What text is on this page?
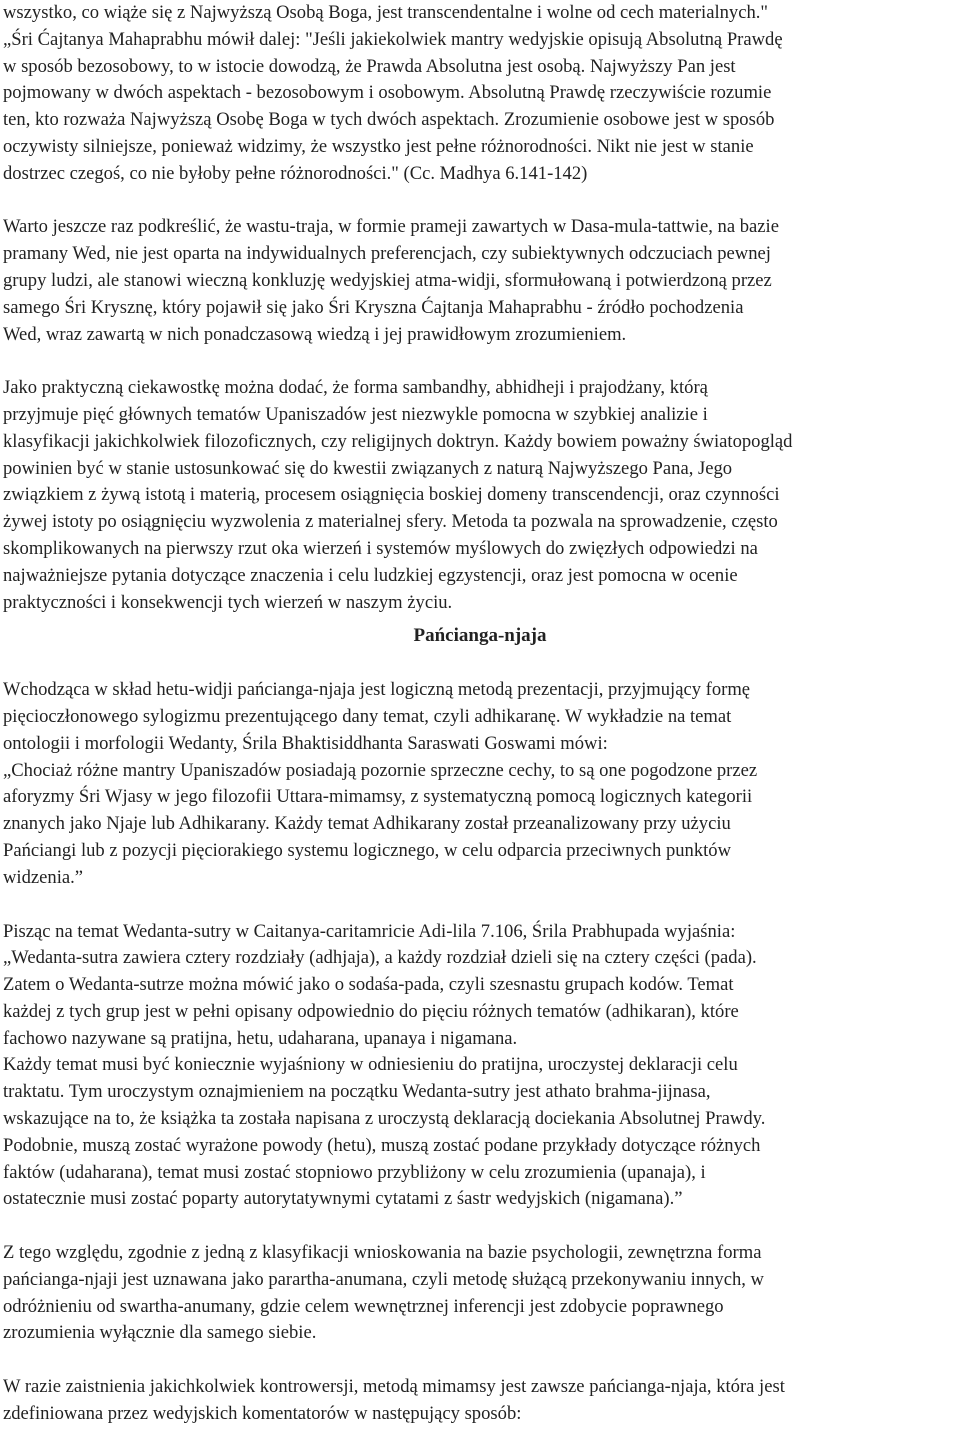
wszystko, co wiąże się z Najwyższą Osobą Boga, jest transcendentalne i wolne od cech materialnych."
„Śri Ćajtanya Mahaprabhu mówił dalej: "Jeśli jakiekolwiek mantry wedyjskie opisują Absolutną Prawdę
w sposób bezosobowy, to w istocie dowodzą, że Prawda Absolutna jest osobą. Najwyższy Pan jest
pojmowany w dwóch aspektach - bezosobowym i osobowym. Absolutną Prawdę rzeczywiście rozumie
ten, kto rozważa Najwyższą Osobę Boga w tych dwóch aspektach. Zrozumienie osobowe jest w sposób
oczywisty silniejsze, ponieważ widzimy, że wszystko jest pełne różnorodności. Nikt nie jest w stanie
dostrzec czegoś, co nie byłoby pełne różnorodności." (Cc. Madhya 6.141-142)

Warto jeszcze raz podkreślić, że wastu-traja, w formie prameji zawartych w Dasa-mula-tattwie, na bazie
pramany Wed, nie jest oparta na indywidualnych preferencjach, czy subiektywnych odczuciach pewnej
grupy ludzi, ale stanowi wieczną konkluzję wedyjskiej atma-widji, sformułowaną i potwierdzoną przez
samego Śri Krysznę, który pojawił się jako Śri Kryszna Ćajtanja Mahaprabhu - źródło pochodzenia
Wed, wraz zawartą w nich ponadczasową wiedzą i jej prawidłowym zrozumieniem.

Jako praktyczną ciekawostkę można dodać, że forma sambandhy, abhidheji i prajodżany, którą
przyjmuje pięć głównych tematów Upaniszadów jest niezwykle pomocna w szybkiej analizie i
klasyfikacji jakichkolwiek filozoficznych, czy religijnych doktryn. Każdy bowiem poważny światopogląd
powinien być w stanie ustosunkować się do kwestii związanych z naturą Najwyższego Pana, Jego
związkiem z żywą istotą i materią, procesem osiągnięcia boskiej domeny transcendencji, oraz czynności
żywej istoty po osiągnięciu wyzwolenia z materialnej sfery. Metoda ta pozwala na sprowadzenie, często
skomplikowanych na pierwszy rzut oka wierzeń i systemów myślowych do zwięzłych odpowiedzi na
najważniejsze pytania dotyczące znaczenia i celu ludzkiej egzystencji, oraz jest pomocna w ocenie
praktyczności i konsekwencji tych wierzeń w naszym życiu.

Pańcianga-njaja

Wchodząca w skład hetu-widji pańcianga-njaja jest logiczną metodą prezentacji, przyjmujący formę
pięcioczłonowego sylogizmu prezentującego dany temat, czyli adhikaranę. W wykładzie na temat
ontologii i morfologii Wedanty, Śrila Bhaktisiddhanta Saraswati Goswami mówi:
„Chociaż różne mantry Upaniszadów posiadają pozornie sprzeczne cechy, to są one pogodzone przez
aforyzmy Śri Wjasy w jego filozofii Uttara-mimamsy, z systematyczną pomocą logicznych kategorii
znanych jako Njaje lub Adhikarany. Każdy temat Adhikarany został przeanalizowany przy użyciu
Pańciangi lub z pozycji pięciorakiego systemu logicznego, w celu odparcia przeciwnych punktów
widzenia.”

Pisząc na temat Wedanta-sutry w Caitanya-caritamricie Adi-lila 7.106, Śrila Prabhupada wyjaśnia:
„Wedanta-sutra zawiera cztery rozdziały (adhjaja), a każdy rozdział dzieli się na cztery części (pada).
Zatem o Wedanta-sutrze można mówić jako o sodaśa-pada, czyli szesnastu grupach kodów. Temat
każdej z tych grup jest w pełni opisany odpowiednio do pięciu różnych tematów (adhikaran), które
fachowo nazywane są pratijna, hetu, udaharana, upanaya i nigamana.
Każdy temat musi być koniecznie wyjaśniony w odniesieniu do pratijna, uroczystej deklaracji celu
traktatu. Tym uroczystym oznajmieniem na początku Wedanta-sutry jest athato brahma-jijnasa,
wskazujące na to, że książka ta została napisana z uroczystą deklaracją dociekania Absolutnej Prawdy.
Podobnie, muszą zostać wyrażone powody (hetu), muszą zostać podane przykłady dotyczące różnych
faktów (udaharana), temat musi zostać stopniowo przybliżony w celu zrozumienia (upanaja), i
ostatecznie musi zostać poparty autorytatywnymi cytatami z śastr wedyjskich (nigamana).”

Z tego względu, zgodnie z jedną z klasyfikacji wnioskowania na bazie psychologii, zewnętrzna forma
pańcianga-njaji jest uznawana jako parartha-anumana, czyli metodę służącą przekonywaniu innych, w
odróżnieniu od swartha-anumany, gdzie celem wewnętrznej inferencji jest zdobycie poprawnego
zrozumienia wyłącznie dla samego siebie.

W razie zaistnienia jakichkolwiek kontrowersji, metodą mimamsy jest zawsze pańcianga-njaja, która jest
zdefiniowana przez wedyjskich komentatorów w następujący sposób:
